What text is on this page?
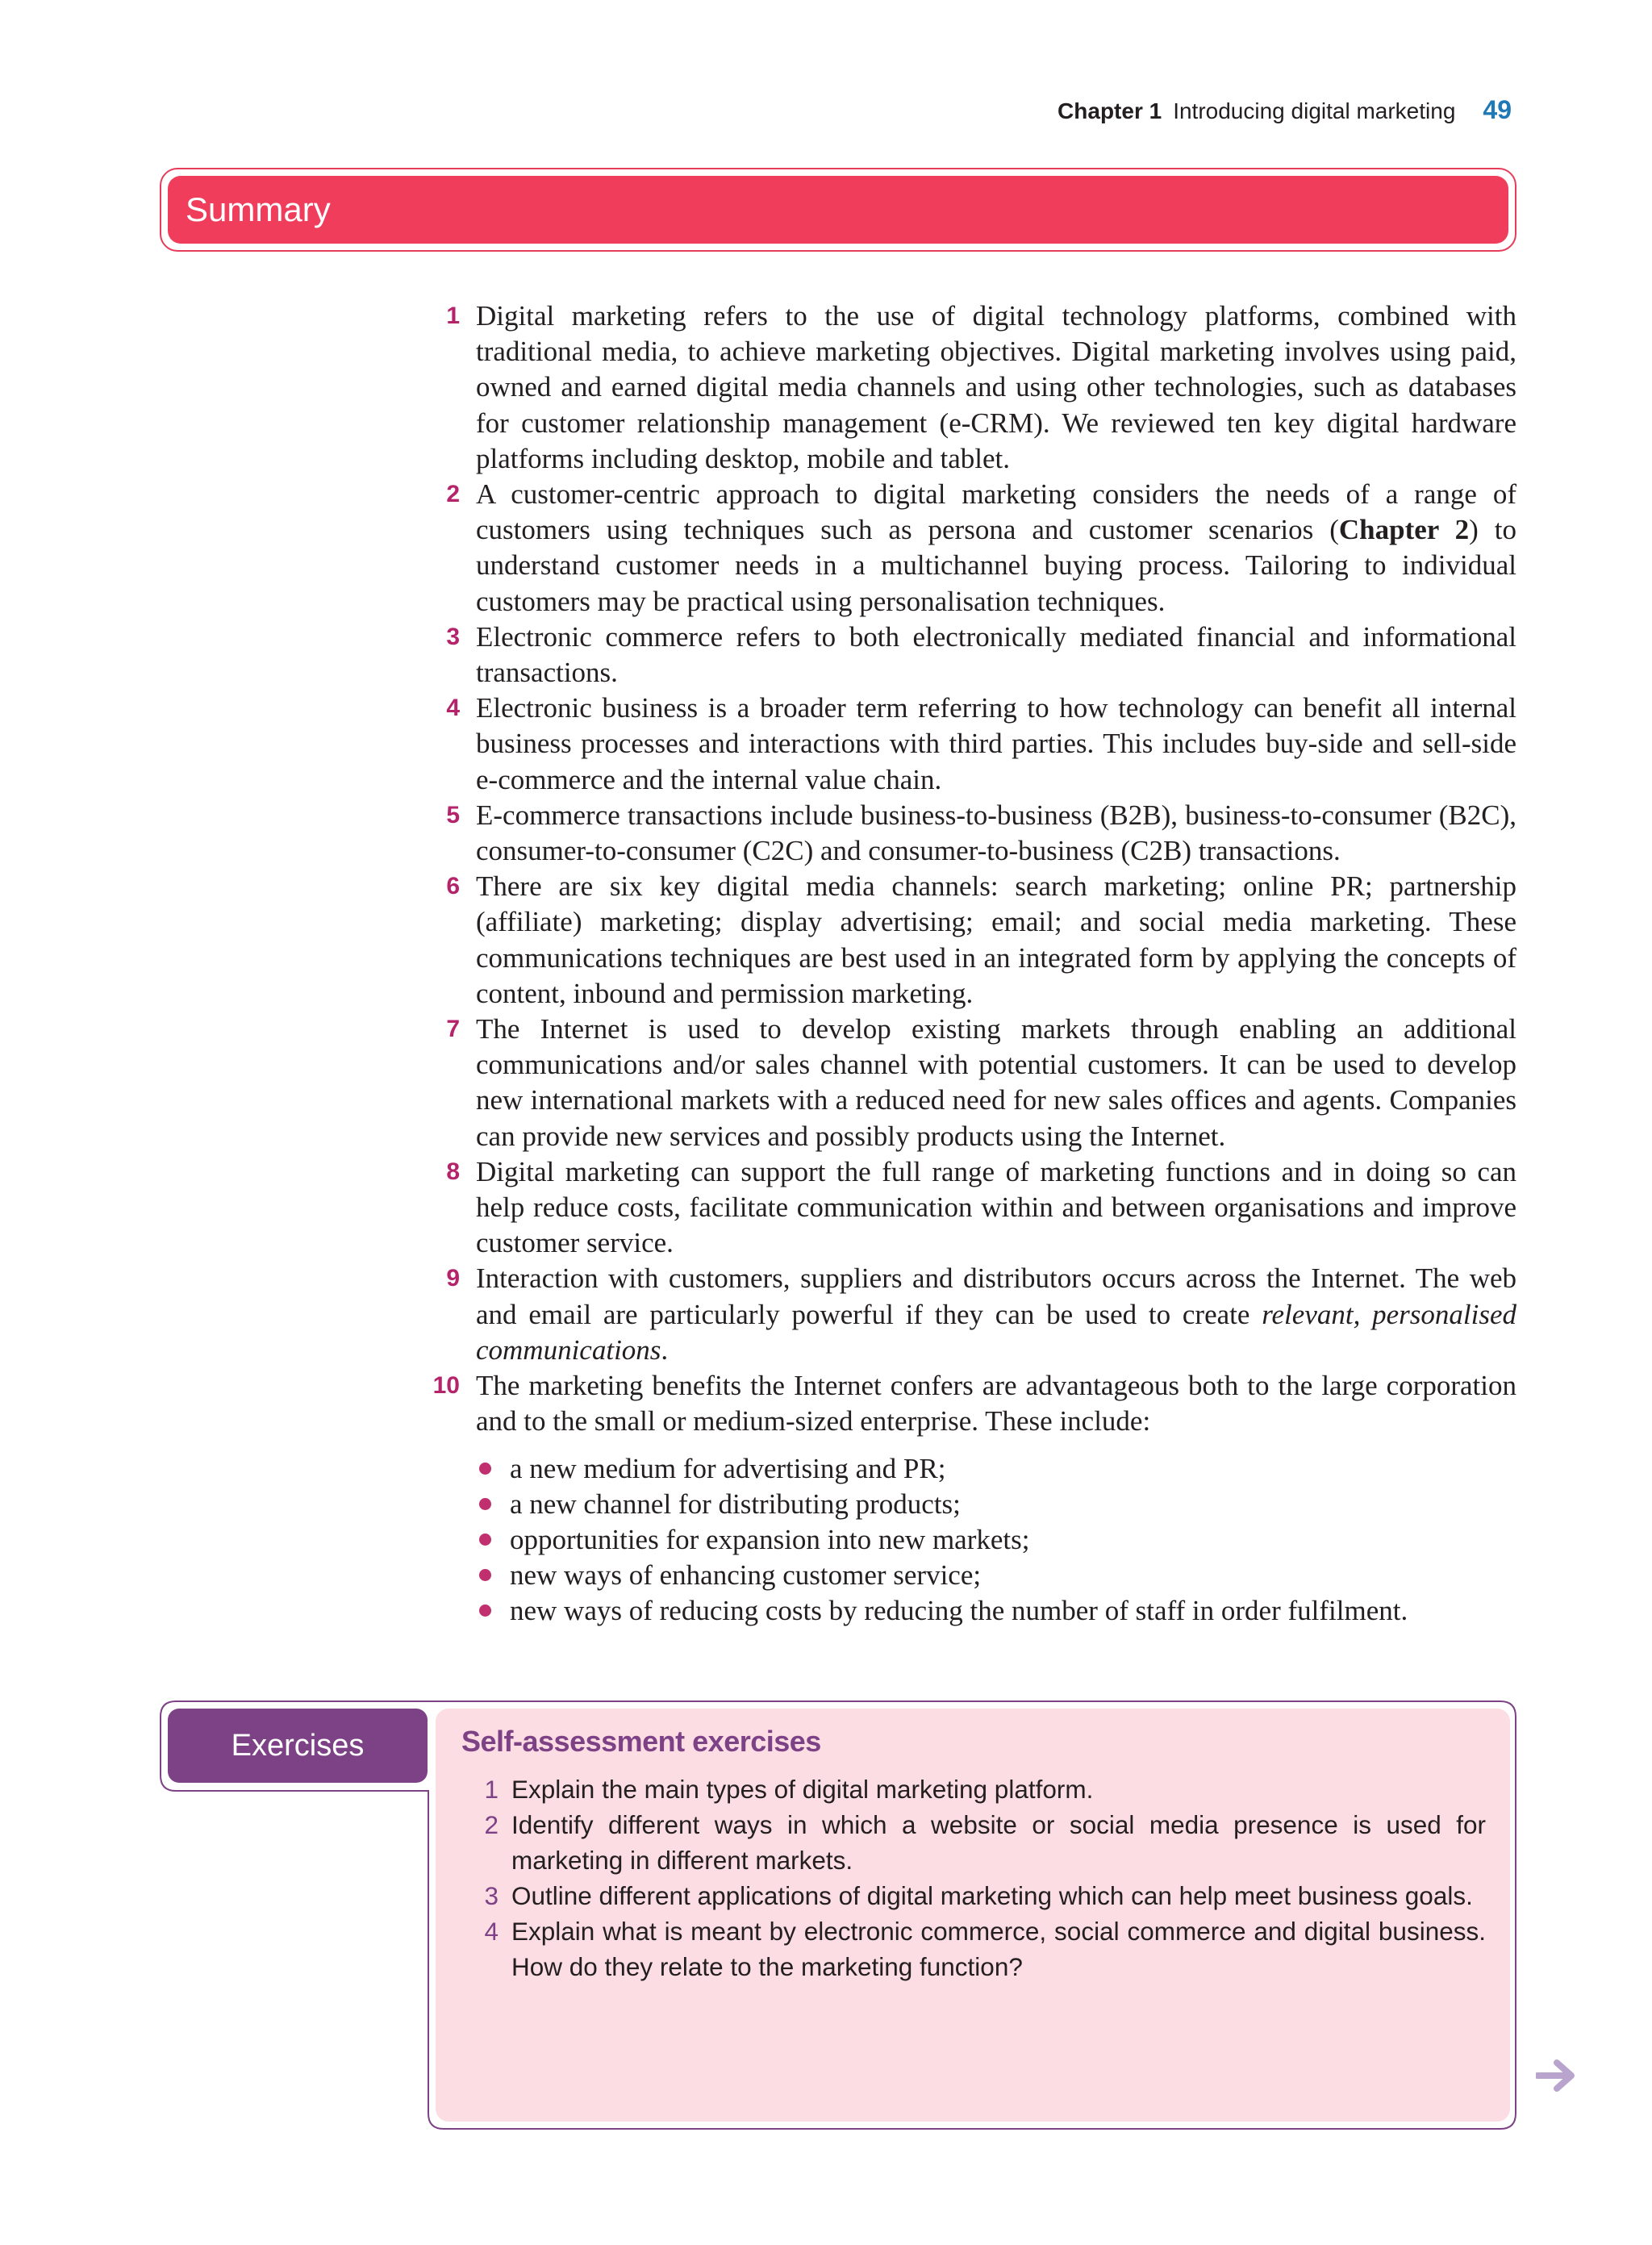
Chapter 1 Introducing digital marketing 49
Summary
1 Digital marketing refers to the use of digital technology platforms, combined with traditional media, to achieve marketing objectives. Digital marketing involves using paid, owned and earned digital media channels and using other technologies, such as databases for customer relationship management (e-CRM). We reviewed ten key digital hardware platforms including desktop, mobile and tablet.
2 A customer-centric approach to digital marketing considers the needs of a range of customers using techniques such as persona and customer scenarios (Chapter 2) to understand customer needs in a multichannel buying process. Tailoring to individual customers may be practical using personalisation techniques.
3 Electronic commerce refers to both electronically mediated financial and informational transactions.
4 Electronic business is a broader term referring to how technology can benefit all internal business processes and interactions with third parties. This includes buy-side and sell-side e-commerce and the internal value chain.
5 E-commerce transactions include business-to-business (B2B), business-to-consumer (B2C), consumer-to-consumer (C2C) and consumer-to-business (C2B) transactions.
6 There are six key digital media channels: search marketing; online PR; partnership (affiliate) marketing; display advertising; email; and social media marketing. These communications techniques are best used in an integrated form by applying the concepts of content, inbound and permission marketing.
7 The Internet is used to develop existing markets through enabling an additional communications and/or sales channel with potential customers. It can be used to develop new international markets with a reduced need for new sales offices and agents. Companies can provide new services and possibly products using the Internet.
8 Digital marketing can support the full range of marketing functions and in doing so can help reduce costs, facilitate communication within and between organisations and improve customer service.
9 Interaction with customers, suppliers and distributors occurs across the Internet. The web and email are particularly powerful if they can be used to create relevant, personalised communications.
10 The marketing benefits the Internet confers are advantageous both to the large corporation and to the small or medium-sized enterprise. These include:
a new medium for advertising and PR;
a new channel for distributing products;
opportunities for expansion into new markets;
new ways of enhancing customer service;
new ways of reducing costs by reducing the number of staff in order fulfilment.
Exercises	Self-assessment exercises
1 Explain the main types of digital marketing platform.
2 Identify different ways in which a website or social media presence is used for marketing in different markets.
3 Outline different applications of digital marketing which can help meet business goals.
4 Explain what is meant by electronic commerce, social commerce and digital business. How do they relate to the marketing function?
